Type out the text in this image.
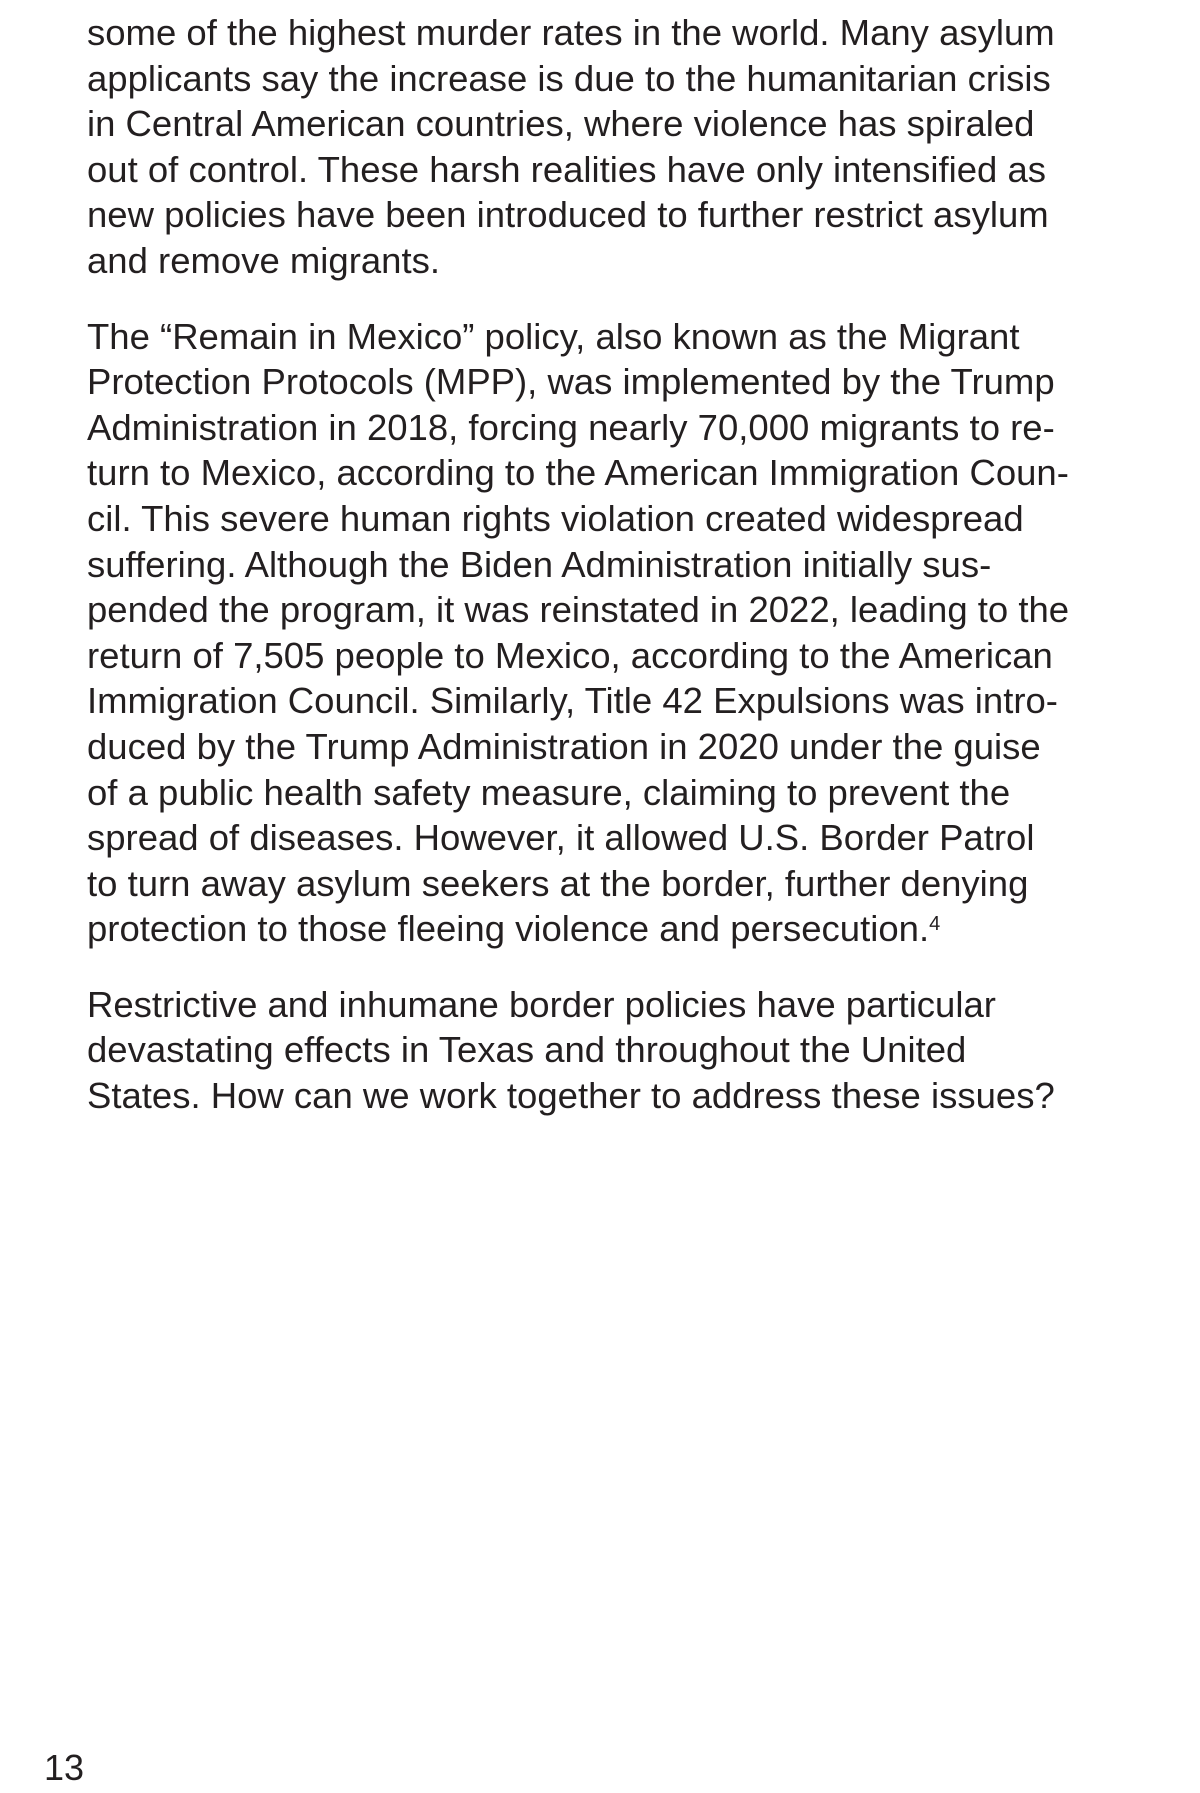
some of the highest murder rates in the world. Many asylum
applicants say the increase is due to the humanitarian crisis
in Central American countries, where violence has spiraled
out of control. These harsh realities have only intensified as
new policies have been introduced to further restrict asylum
and remove migrants.

The “Remain in Mexico” policy, also known as the Migrant
Protection Protocols (MPP), was implemented by the Trump
Administration in 2018, forcing nearly 70,000 migrants to re-
turn to Mexico, according to the American Immigration Coun-
cil. This severe human rights violation created widespread
suffering. Although the Biden Administration initially sus-
pended the program, it was reinstated in 2022, leading to the
return of 7,505 people to Mexico, according to the American
Immigration Council. Similarly, Title 42 Expulsions was intro-
duced by the Trump Administration in 2020 under the guise
of a public health safety measure, claiming to prevent the
spread of diseases. However, it allowed U.S. Border Patrol
to turn away asylum seekers at the border, further denying
protection to those fleeing violence and persecution.$^4$

Restrictive and inhumane border policies have particular
devastating effects in Texas and throughout the United
States. How can we work together to address these issues?

13
